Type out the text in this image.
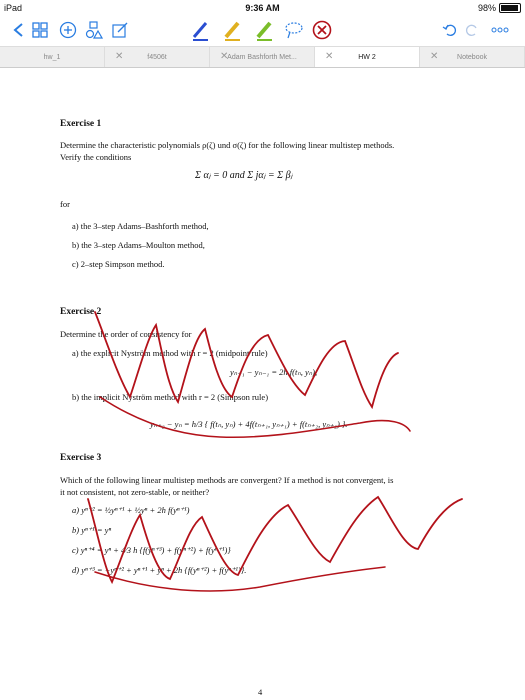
iPad	9:36 AM	98%
hw_1	✕	f4506t	✕
Adam Bashforth Met...	✕	HW 2	✕	Notebook
Exercise 1
Determine the characteristic polynomials ρ(ζ) und σ(ζ) for the following linear multistep methods.
Verify the conditions
Σ αⱼ = 0 and Σ jαⱼ = Σ βⱼ
for
a) the 3–step Adams–Bashforth method,
b) the 3–step Adams–Moulton method,
c) 2–step Simpson method.
Exercise 2
Determine the order of consistency for
a) the explicit Nyström method with r = 2 (midpoint rule)
yₙ₊₁ − yₙ₋₁ = 2h f(tₙ, yₙ),
b) the implicit Nyström method with r = 2 (Simpson rule)
yₙ₊₂ − yₙ = h/3 { f(tₙ, yₙ) + 4f(tₙ₊₁, yₙ₊₁) + f(tₙ₊₂, yₙ₊₂) }.
Exercise 3
Which of the following linear multistep methods are convergent? If a method is not convergent, is
it not consistent, not zero-stable, or neither?
a) yⁿ⁺² = ½yⁿ⁺¹ + ½yⁿ + 2h f(yⁿ⁺¹)
b) yⁿ⁺¹ = yⁿ
c) yⁿ⁺⁴ = yⁿ + 4⁄3 h {f(yⁿ⁺³) + f(yⁿ⁺²) + f(yⁿ⁺¹)}
d) yⁿ⁺³ = −yⁿ⁺² + yⁿ⁺¹ + yⁿ + 2h {f(yⁿ⁺²) + f(yⁿ⁺¹)}.
4
